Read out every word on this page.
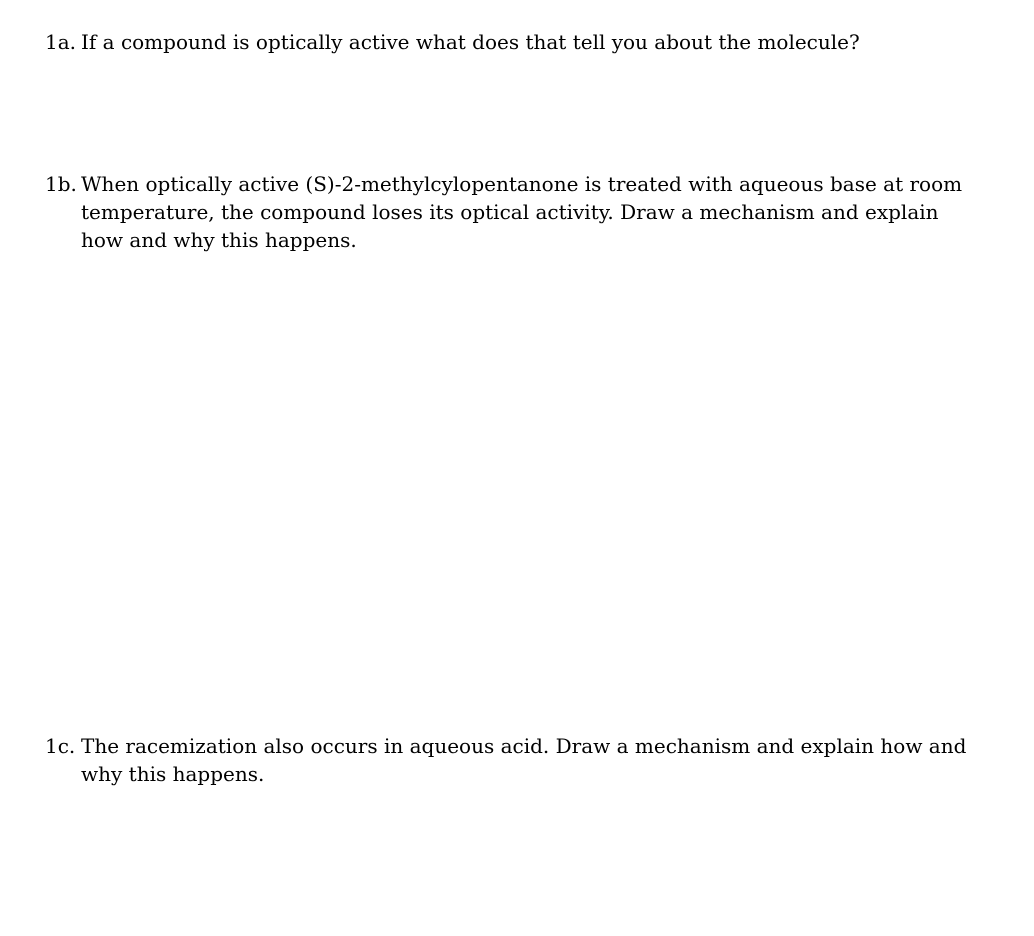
1a. If a compound is optically active what does that tell you about the molecule?
1b. When optically active (S)-2-methylcylopentanone is treated with aqueous base at room temperature, the compound loses its optical activity. Draw a mechanism and explain how and why this happens.
1c. The racemization also occurs in aqueous acid. Draw a mechanism and explain how and why this happens.
